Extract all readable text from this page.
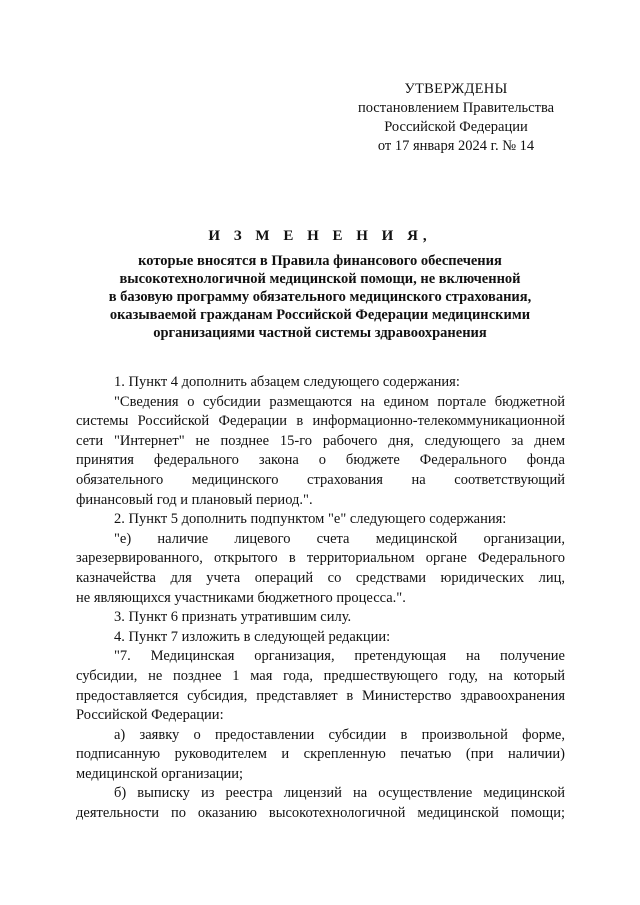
УТВЕРЖДЕНЫ
постановлением Правительства
Российской Федерации
от 17 января 2024 г. № 14
И З М Е Н Е Н И Я,
которые вносятся в Правила финансового обеспечения
высокотехнологичной медицинской помощи, не включенной
в базовую программу обязательного медицинского страхования,
оказываемой гражданам Российской Федерации медицинскими
организациями частной системы здравоохранения
1. Пункт 4 дополнить абзацем следующего содержания:
"Сведения о субсидии размещаются на едином портале бюджетной
системы Российской Федерации в информационно-телекоммуникационной
сети "Интернет" не позднее 15-го рабочего дня, следующего за днем
принятия федерального закона о бюджете Федерального фонда
обязательного медицинского страхования на соответствующий
финансовый год и плановый период.".
2. Пункт 5 дополнить подпунктом "е" следующего содержания:
"е) наличие лицевого счета медицинской организации,
зарезервированного, открытого в территориальном органе Федерального
казначейства для учета операций со средствами юридических лиц,
не являющихся участниками бюджетного процесса.".
3. Пункт 6 признать утратившим силу.
4. Пункт 7 изложить в следующей редакции:
"7. Медицинская организация, претендующая на получение
субсидии, не позднее 1 мая года, предшествующего году, на который
предоставляется субсидия, представляет в Министерство здравоохранения
Российской Федерации:
а) заявку о предоставлении субсидии в произвольной форме,
подписанную руководителем и скрепленную печатью (при наличии)
медицинской организации;
б) выписку из реестра лицензий на осуществление медицинской
деятельности по оказанию высокотехнологичной медицинской помощи;
